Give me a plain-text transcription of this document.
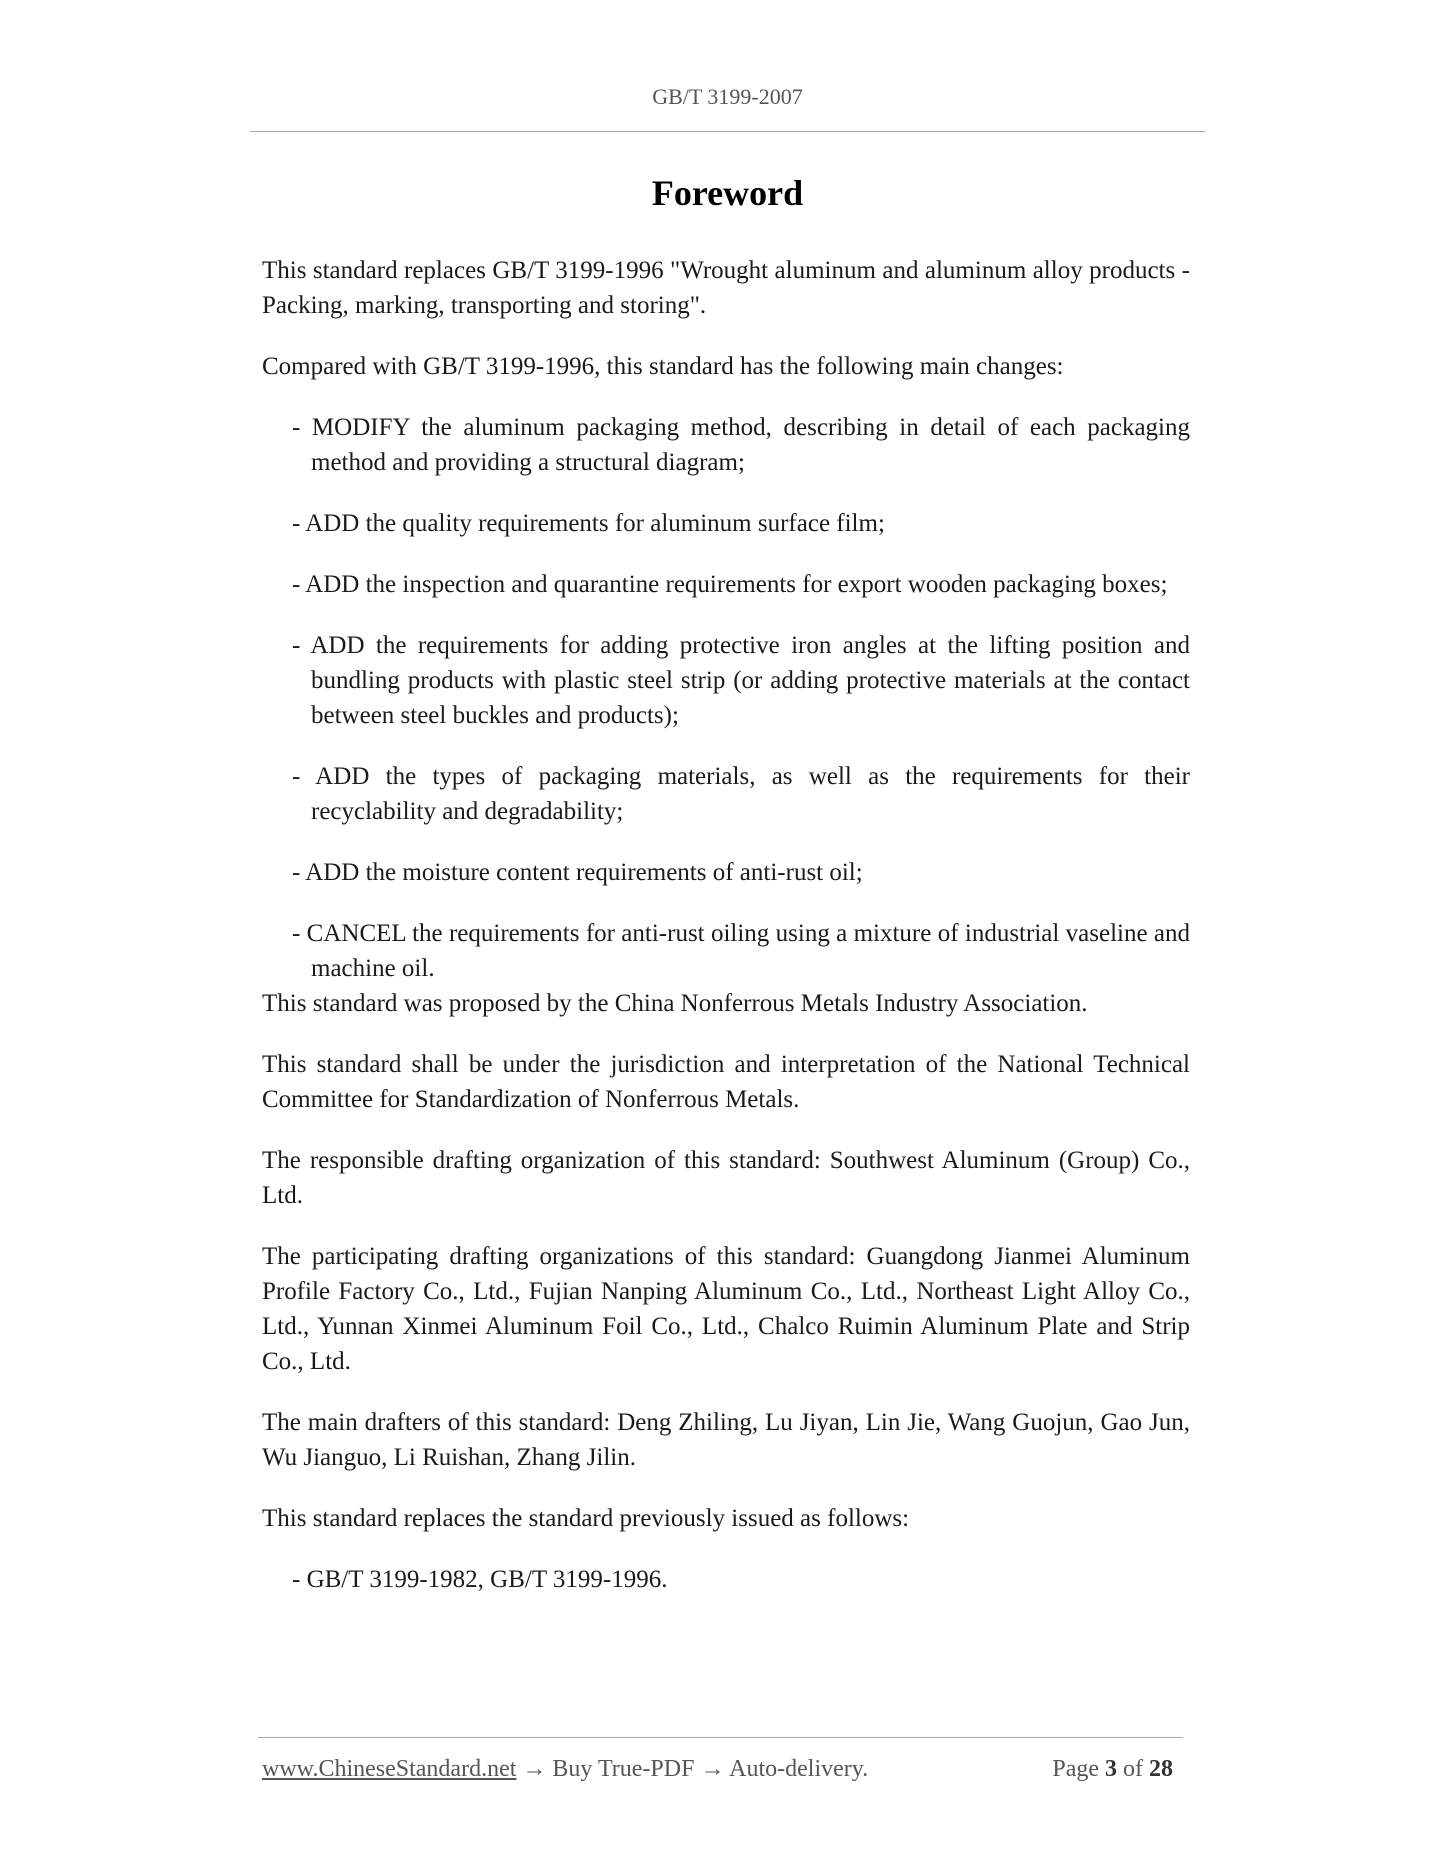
GB/T 3199-2007
Foreword

This standard replaces GB/T 3199-1996 "Wrought aluminum and aluminum alloy products - Packing, marking, transporting and storing".

Compared with GB/T 3199-1996, this standard has the following main changes:

- MODIFY the aluminum packaging method, describing in detail of each packaging method and providing a structural diagram;

- ADD the quality requirements for aluminum surface film;

- ADD the inspection and quarantine requirements for export wooden packaging boxes;

- ADD the requirements for adding protective iron angles at the lifting position and bundling products with plastic steel strip (or adding protective materials at the contact between steel buckles and products);

- ADD the types of packaging materials, as well as the requirements for their recyclability and degradability;

- ADD the moisture content requirements of anti-rust oil;

- CANCEL the requirements for anti-rust oiling using a mixture of industrial vaseline and machine oil.

This standard was proposed by the China Nonferrous Metals Industry Association.

This standard shall be under the jurisdiction and interpretation of the National Technical Committee for Standardization of Nonferrous Metals.

The responsible drafting organization of this standard: Southwest Aluminum (Group) Co., Ltd.

The participating drafting organizations of this standard: Guangdong Jianmei Aluminum Profile Factory Co., Ltd., Fujian Nanping Aluminum Co., Ltd., Northeast Light Alloy Co., Ltd., Yunnan Xinmei Aluminum Foil Co., Ltd., Chalco Ruimin Aluminum Plate and Strip Co., Ltd.

The main drafters of this standard: Deng Zhiling, Lu Jiyan, Lin Jie, Wang Guojun, Gao Jun, Wu Jianguo, Li Ruishan, Zhang Jilin.

This standard replaces the standard previously issued as follows:

- GB/T 3199-1982, GB/T 3199-1996.

www.ChineseStandard.net → Buy True-PDF → Auto-delivery.	Page 3 of 28
